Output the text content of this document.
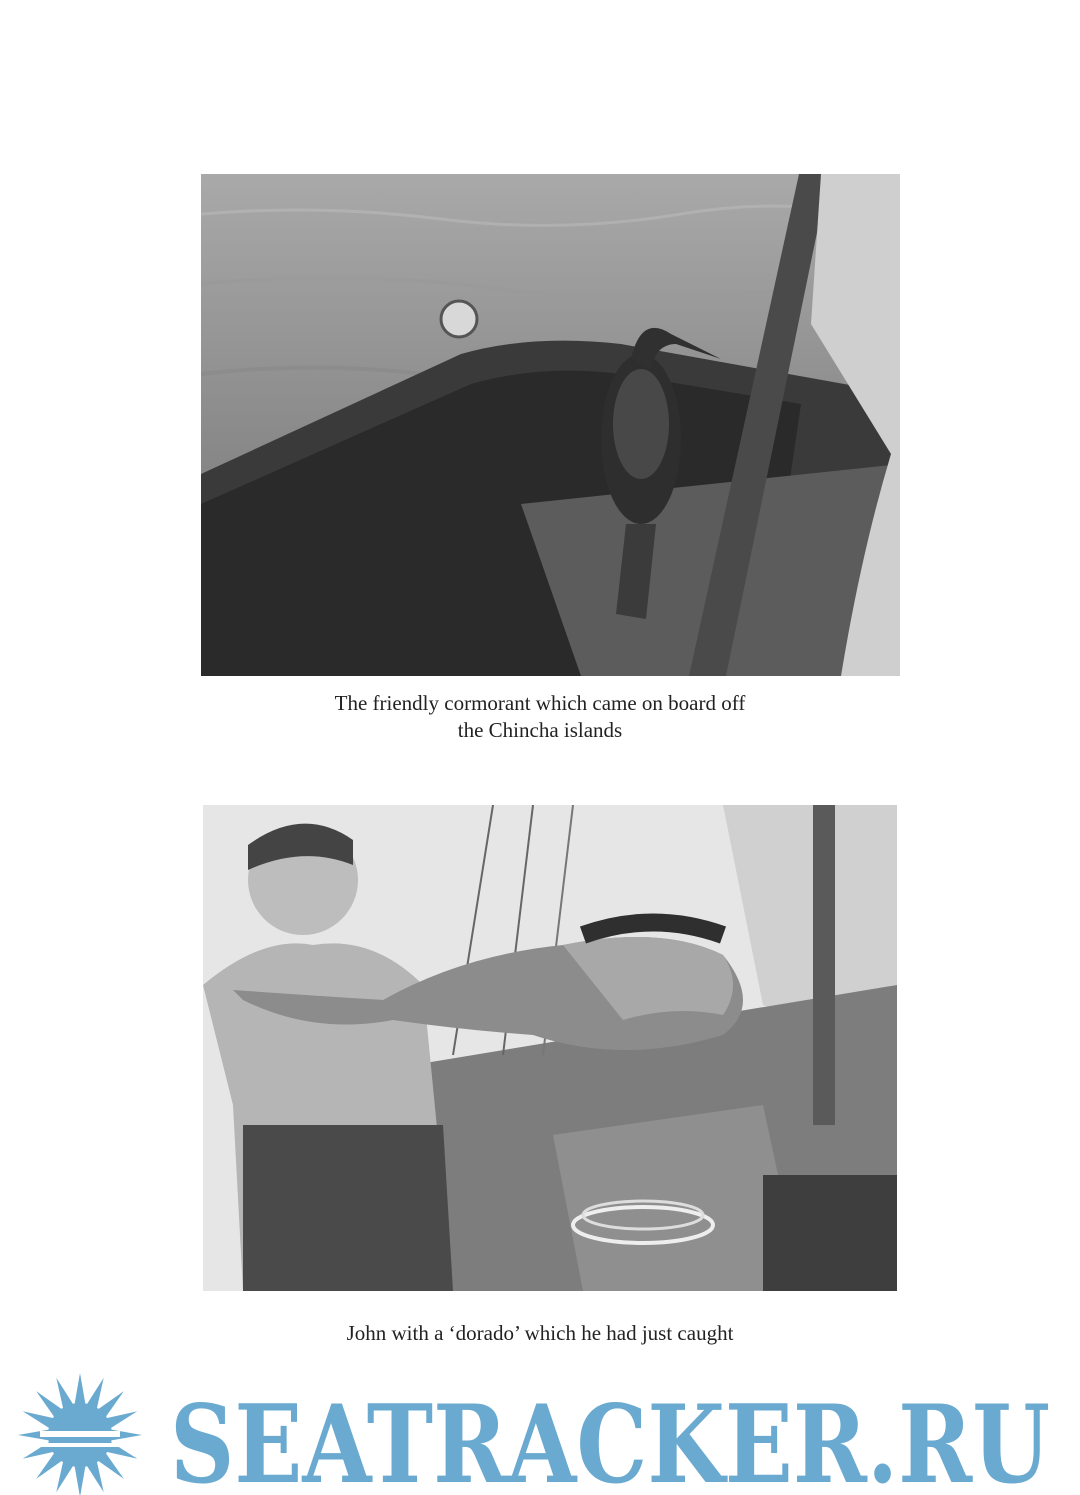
The friendly cormorant which came on board off
the Chincha islands
John with a ‘dorado’ which he had just caught
SEATRACKER.RU
